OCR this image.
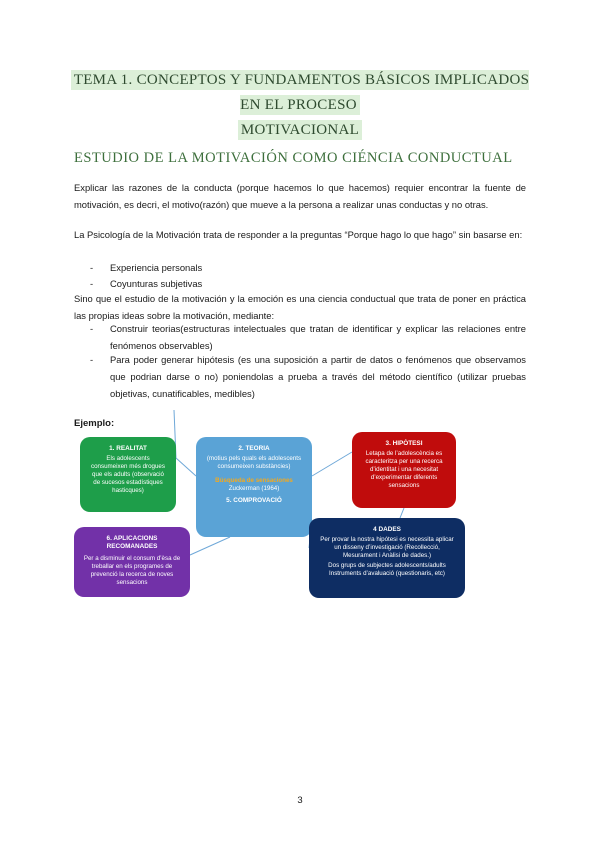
TEMA 1. CONCEPTOS Y FUNDAMENTOS BÁSICOS IMPLICADOS EN EL PROCESO
MOTIVACIONAL
ESTUDIO DE LA MOTIVACIÓN COMO CIÉNCIA CONDUCTUAL
Explicar las razones de la conducta (porque hacemos lo que hacemos) requier encontrar la fuente de motivación, es decri, el motivo(razón) que mueve a la persona a realizar unas conductas y no otras.
La Psicología de la Motivación trata de responder a la preguntas “Porque hago lo que hago” sin basarse en:
- Experiencia personals
- Coyunturas subjetivas
Sino que el estudio de la motivación y la emoción es una ciencia conductual que trata de poner en práctica las propias ideas sobre la motivación, mediante:
- Construir teorias(estructuras intelectuales que tratan de identificar y explicar las relaciones entre fenómenos observables)
- Para poder generar hipótesis (es una suposición a partir de datos o fenómenos que observamos que podrian darse o no) poniendolas a prueba a través del método científico (utilizar pruebas objetivas, cunatificables, medibles)
Ejemplo:
1. REALITAT
Els adolescents consumeixen més drogues que els adults (observació de sucesos estadístiques hasticques)
2. TEORIA
(motius pels quals els adolescents consumeixen substàncies)
Búsqueda de sensaciones
Zuckerman (1964)
5. COMPROVACIÓ
3. HIPÒTESI
Letapa de l’adolescència es caracteritza per una recerca d’identitat i una necesitat d’experimentar diferents sensacions
4 DADES
Per provar la nostra hipótesi es necessita aplicar un disseny d’investigació (Recollecció, Mesurament i Anàlisi de dades.)
Dos grups de subjectes adolescents/adults Instruments d’avaluació (questionaris, etc)
6. APLICACIONS RECOMANADES
Per a disminuir el consum d’èsa de treballar en els programes de prevenció la recerca de noves sensacions
3
